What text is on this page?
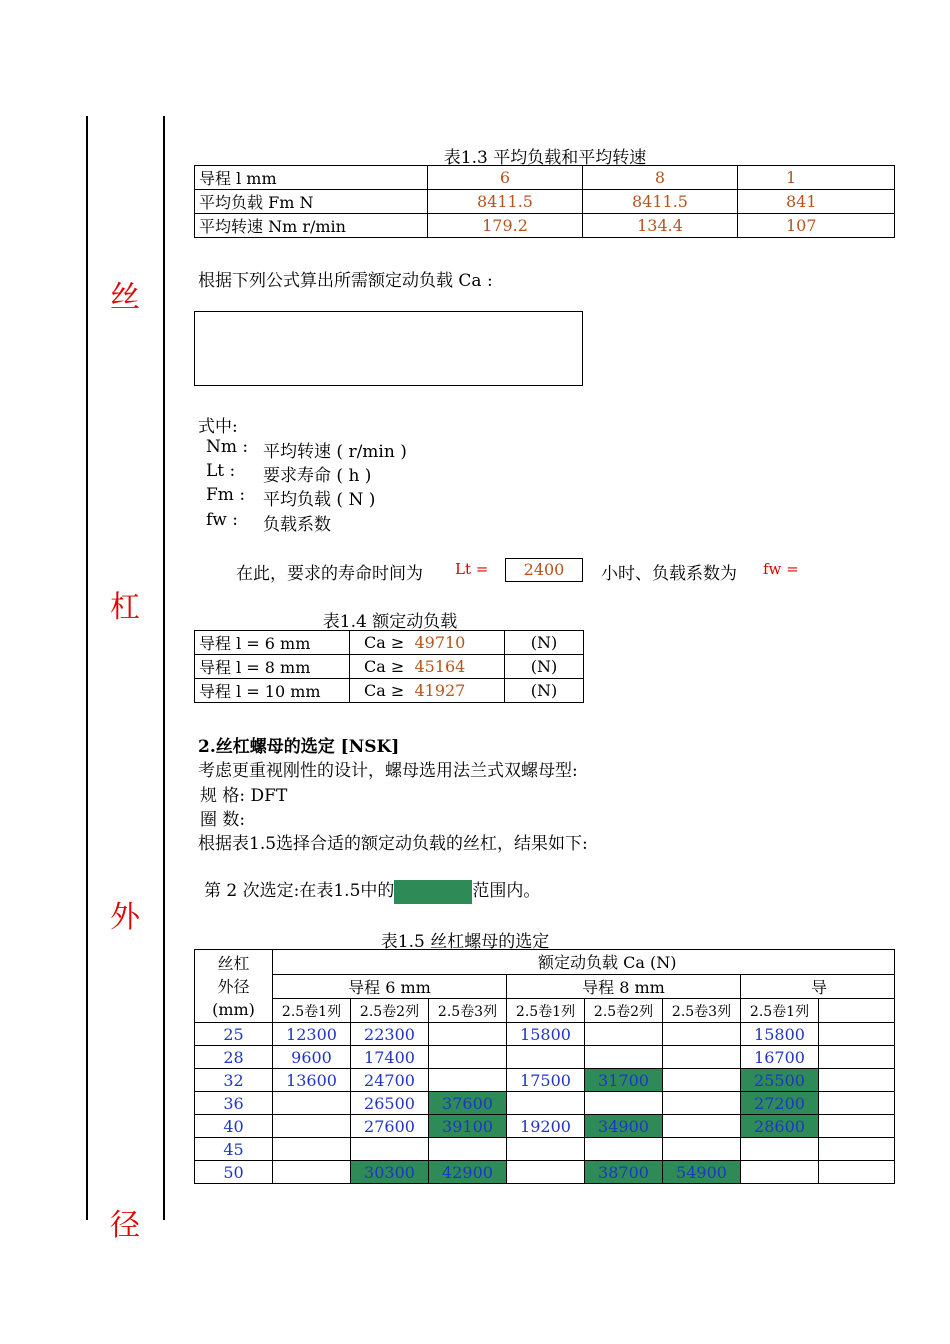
丝
杠
外
径
表1.3 平均负载和平均转速
导程 l mm	6	8	1
平均负载 Fm N	8411.5	8411.5	841
平均转速 Nm r/min	179.2	134.4	107
根据下列公式算出所需额定动负载 Ca :
式中:
Nm : 平均转速 ( r/min )
Lt : 要求寿命 ( h )
Fm : 平均负载 ( N )
fw : 负载系数
在此，要求的寿命时间为 Lt =	2400	小时、负载系数为 fw =
表1.4 额定动负载
导程 l = 6 mm	Ca ≥ 49710	(N)
导程 l = 8 mm	Ca ≥ 45164	(N)
导程 l = 10 mm	Ca ≥ 41927	(N)
2.丝杠螺母的选定 [NSK]
考虑更重视刚性的设计，螺母选用法兰式双螺母型:
规 格: DFT
圈 数:
根据表1.5选择合适的额定动负载的丝杠，结果如下:
第 2 次选定:在表1.5中的	范围内。
表1.5 丝杠螺母的选定
丝杠
外径
(mm)	额定动负载 Ca (N)							
	导程 6 mm			导程 8 mm			导	
	2.5卷1列	2.5卷2列	2.5卷3列	2.5卷1列	2.5卷2列	2.5卷3列	2.5卷1列	
25	12300	22300		15800			15800	
28	9600	17400					16700	
32	13600	24700		17500	31700		25500	
36		26500	37600				27200	
40		27600	39100	19200	34900		28600	
45								
50		30300	42900		38700	54900		
